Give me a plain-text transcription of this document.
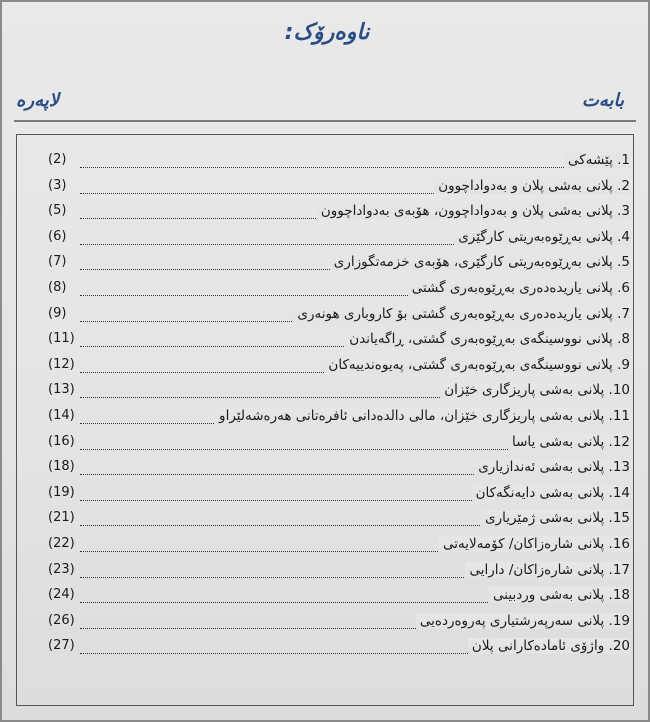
ناوەرۆک:
بابەت
لاپەرە
(2)	1. پێشەکی
(3)	2. پلانی بەشی پلان و بەدواداچوون
(5)	3. پلانی بەشی پلان و بەدواداچوون، هۆبەی بەدواداچوون
(6)	4. پلانی بەڕێوەبەریتی کارگێری
(7)	5. پلانی بەڕێوەبەریتی کارگێری، هۆبەی خزمەتگوزاری
(8)	6. پلانی یاریدەدەری بەڕێوەبەری گشتی
(9)	7. پلانی یاریدەدەری بەڕێوەبەری گشتی بۆ کاروباری هونەری
(11)	8. پلانی نووسینگەی بەڕێوەبەری گشتی، ڕاگەیاندن
(12)	9. پلانی نووسینگەی بەڕێوەبەری گشتی، پەیوەندییەکان
(13)	10. پلانی بەشی پاریزگاری خێزان
(14)	11. پلانی بەشی پاریزگاری خێزان، مالی دالدەدانی ئافرەتانی هەرەشەلێراو
(16)	12. پلانی بەشی یاسا
(18)	13. پلانی بەشی ئەندازیاری
(19)	14. پلانی بەشی دایەنگەکان
(21)	15. پلانی بەشی ژمێریاری
(22)	16. پلانی شارەزاکان/ کۆمەلایەتی
(23)	17. پلانی شارەزاکان/ دارایی
(24)	18. پلانی بەشی وردبینی
(26)	19. پلانی سەرپەرشتیاری پەروەردەیی
(27)	20. واژۆی ئامادەکارانی پلان
